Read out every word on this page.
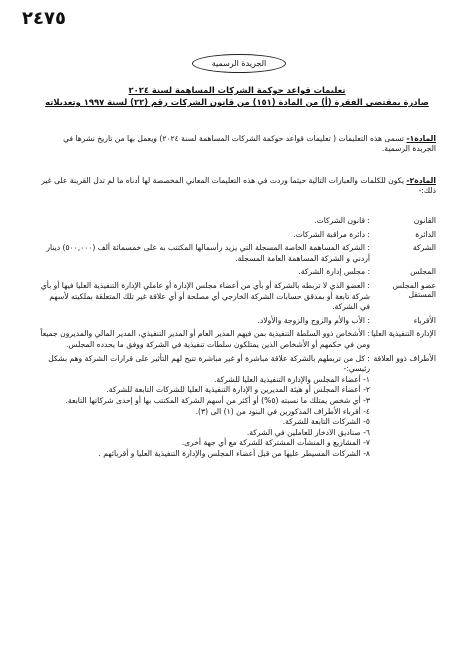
٢٤٧٥
الجريدة الرسمية

تعليمات قواعد حوكمة الشركات المساهمة لسنة ٢٠٢٤

صادرة بمقتضى الفقرة (أ) من المادة (١٥١) من قانون الشركات رقم (٢٢) لسنة ١٩٩٧ وتعديلاته

المادة١- تسمى هذه التعليمات ( تعليمات قواعد حوكمة الشركات المساهمة لسنة ٢٠٢٤) ويعمل بها من تاريخ نشرها في الجريدة الرسمية.
المادة٢- يكون للكلمات والعبارات التالية حيثما وردت في هذه التعليمات المعاني المخصصة لها أدناه ما لم تدل القرينة على غير ذلك:-
القانون
: قانون الشركات.
الدائرة
: دائرة مراقبة الشركات.
الشركة
: الشركة المساهمة الخاصة المسجلة التي يزيد رأسمالها المكتتب به على خمسمائة ألف (٥٠٠,٠٠٠) دينار أردني و الشركة المساهمة العامة المسجلة.
المجلس
: مجلس إدارة الشركة.
عضو المجلس المستقل
: العضو الذي لا تربطه بالشركة أو بأي من أعضاء مجلس الإدارة أو عاملي الإدارة التنفيذية العليا فيها أو بأي شركة تابعة أو بمدقق حسابات الشركة الخارجي أي مصلحة أو أي علاقة غير تلك المتعلقة بملكيته لأسهم في الشركة.
الأقرباء
: الأب والأم والزوج والزوجة والأولاد.
الإدارة التنفيذية العليا
: الأشخاص ذوو السلطة التنفيذية بمن فيهم المدير العام أو المدير التنفيذي، المدير المالي والمديرون جميعاً ومن في حكمهم أو الأشخاص الذين يمتلكون سلطات تنفيذية في الشركة ووفق ما يحدده المجلس.
الأطراف ذوو العلاقة
: كل من تربطهم بالشركة علاقة مباشرة أو غير مباشرة تتيح لهم التأثير على قرارات الشركة وهم بشكل رئيسي:-
١- أعضاء المجلس والإدارة التنفيذية العليا للشركة.
٢- أعضاء المجلس أو هيئة المديرين و الإدارة التنفيذية العليا للشركات التابعة للشركة.
٣- أي شخص يمتلك ما نسبته (٥%) أو أكثر من أسهم الشركة المكتتب بها أو إحدى شركاتها التابعة.
٤- أقرباء الأطراف المذكورين في البنود من (١) الى (٣).
٥- الشركات التابعة للشركة.
٦- صناديق الادخار للعاملين في الشركة.
٧- المشاريع و المنشآت المشتركة للشركة مع أي جهة أخرى.
٨- الشركات المسيطر عليها من قبل أعضاء المجلس والإدارة التنفيذية العليا و أقربائهم .
